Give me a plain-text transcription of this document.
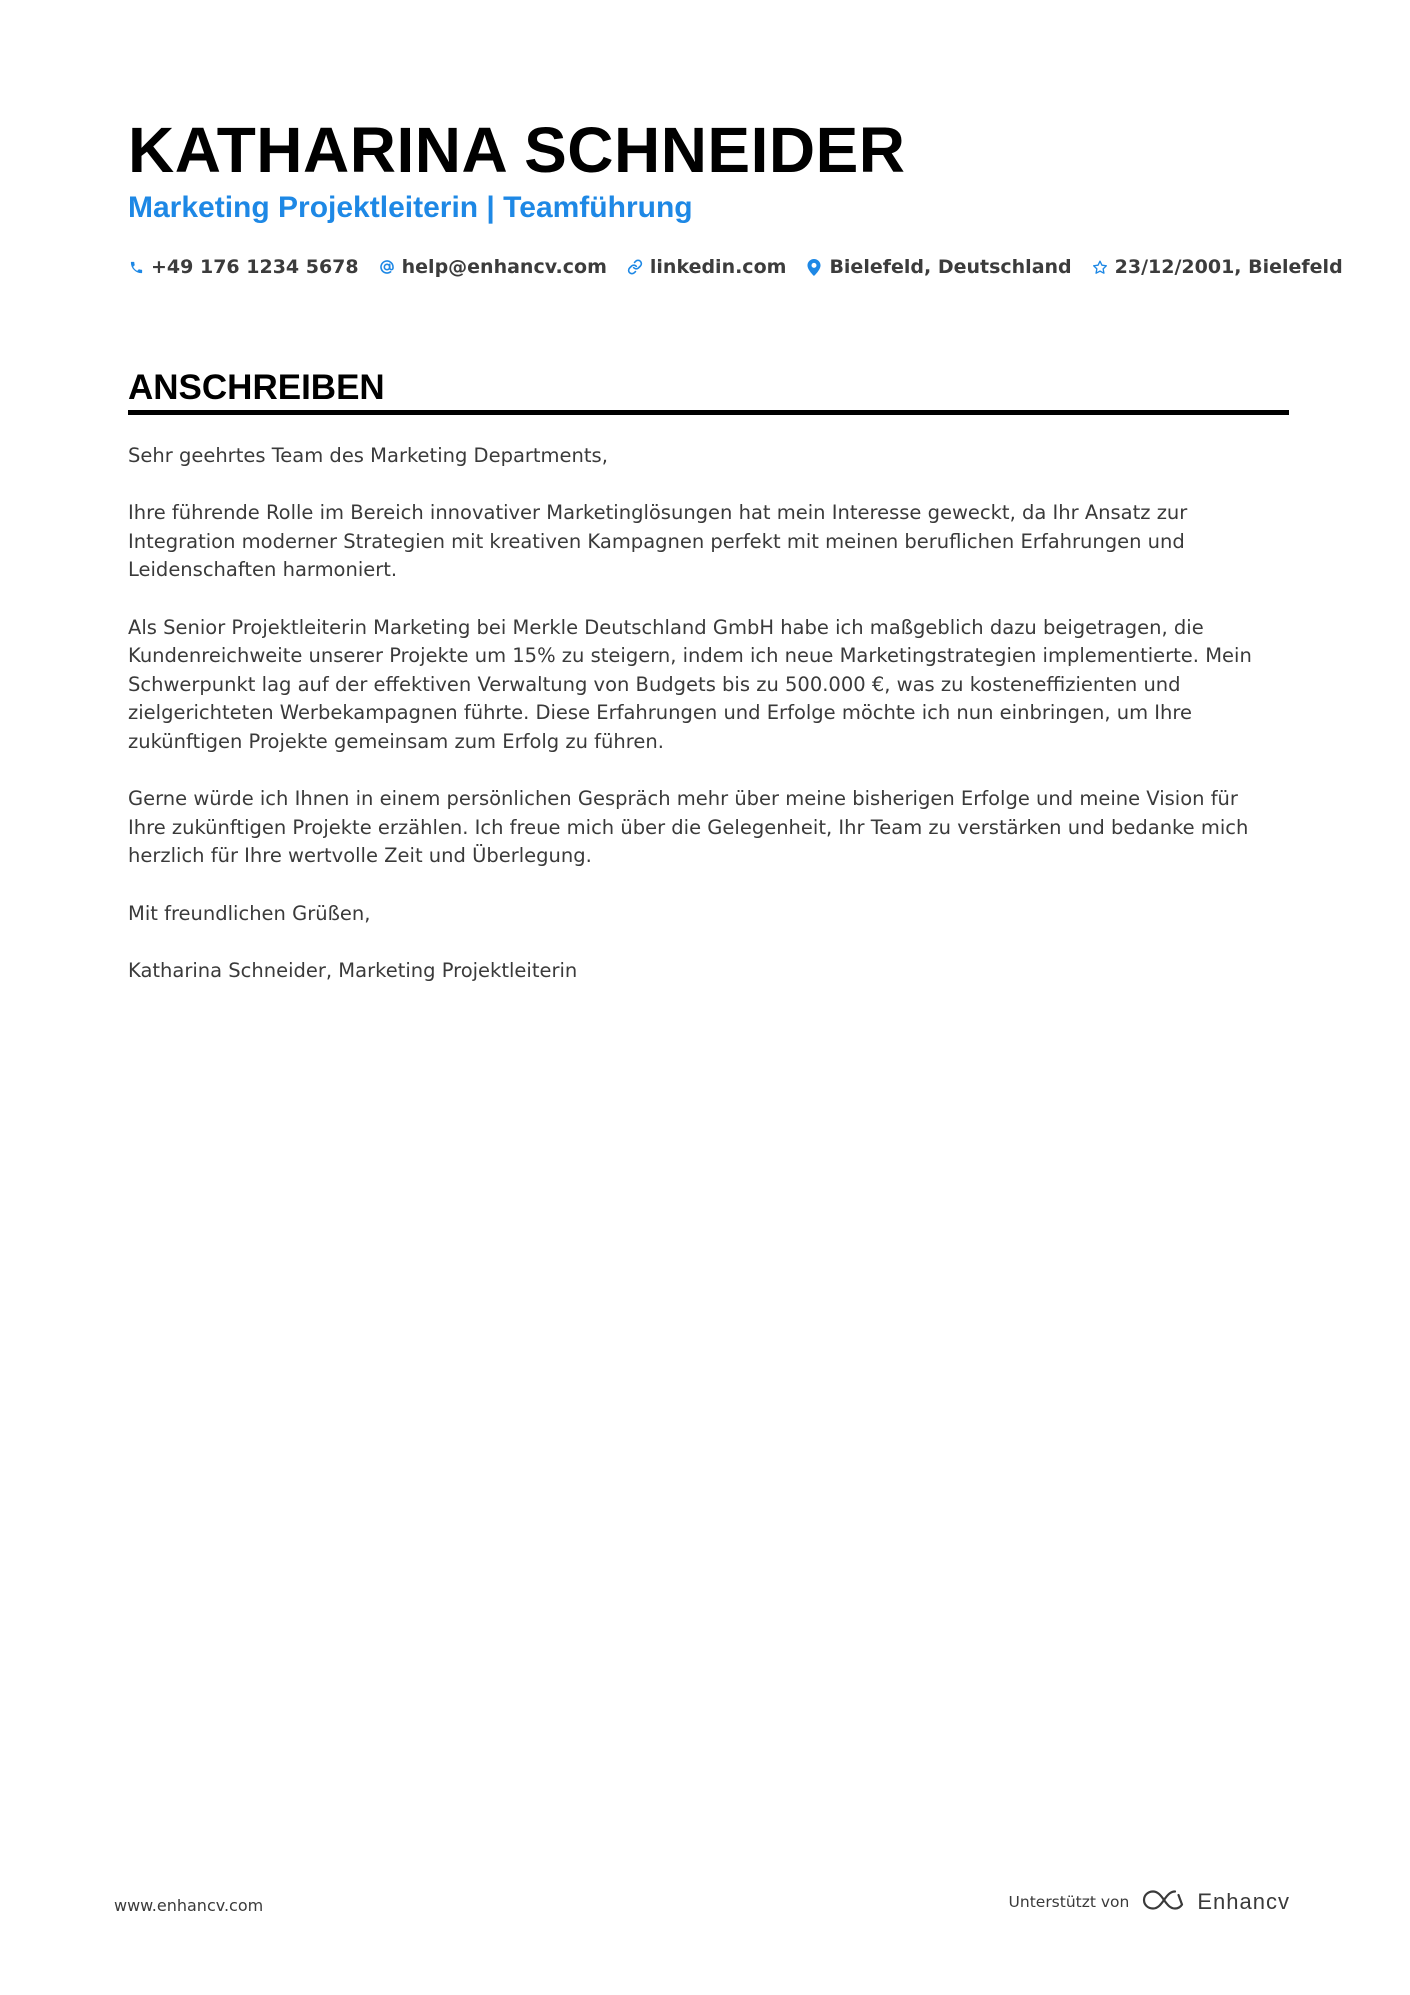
KATHARINA SCHNEIDER
Marketing Projektleiterin | Teamführung
+49 176 1234 5678 help@enhancv.com linkedin.com Bielefeld, Deutschland 23/12/2001, Bielefeld
ANSCHREIBEN

Sehr geehrtes Team des Marketing Departments,

Ihre führende Rolle im Bereich innovativer Marketinglösungen hat mein Interesse geweckt, da Ihr Ansatz zur Integration moderner Strategien mit kreativen Kampagnen perfekt mit meinen beruflichen Erfahrungen und Leidenschaften harmoniert.

Als Senior Projektleiterin Marketing bei Merkle Deutschland GmbH habe ich maßgeblich dazu beigetragen, die Kundenreichweite unserer Projekte um 15% zu steigern, indem ich neue Marketingstrategien implementierte. Mein Schwerpunkt lag auf der effektiven Verwaltung von Budgets bis zu 500.000 €, was zu kosteneffizienten und zielgerichteten Werbekampagnen führte. Diese Erfahrungen und Erfolge möchte ich nun einbringen, um Ihre zukünftigen Projekte gemeinsam zum Erfolg zu führen.

Gerne würde ich Ihnen in einem persönlichen Gespräch mehr über meine bisherigen Erfolge und meine Vision für Ihre zukünftigen Projekte erzählen. Ich freue mich über die Gelegenheit, Ihr Team zu verstärken und bedanke mich herzlich für Ihre wertvolle Zeit und Überlegung.

Mit freundlichen Grüßen,

Katharina Schneider, Marketing Projektleiterin

www.enhancv.com	Unterstützt von	Enhancv
